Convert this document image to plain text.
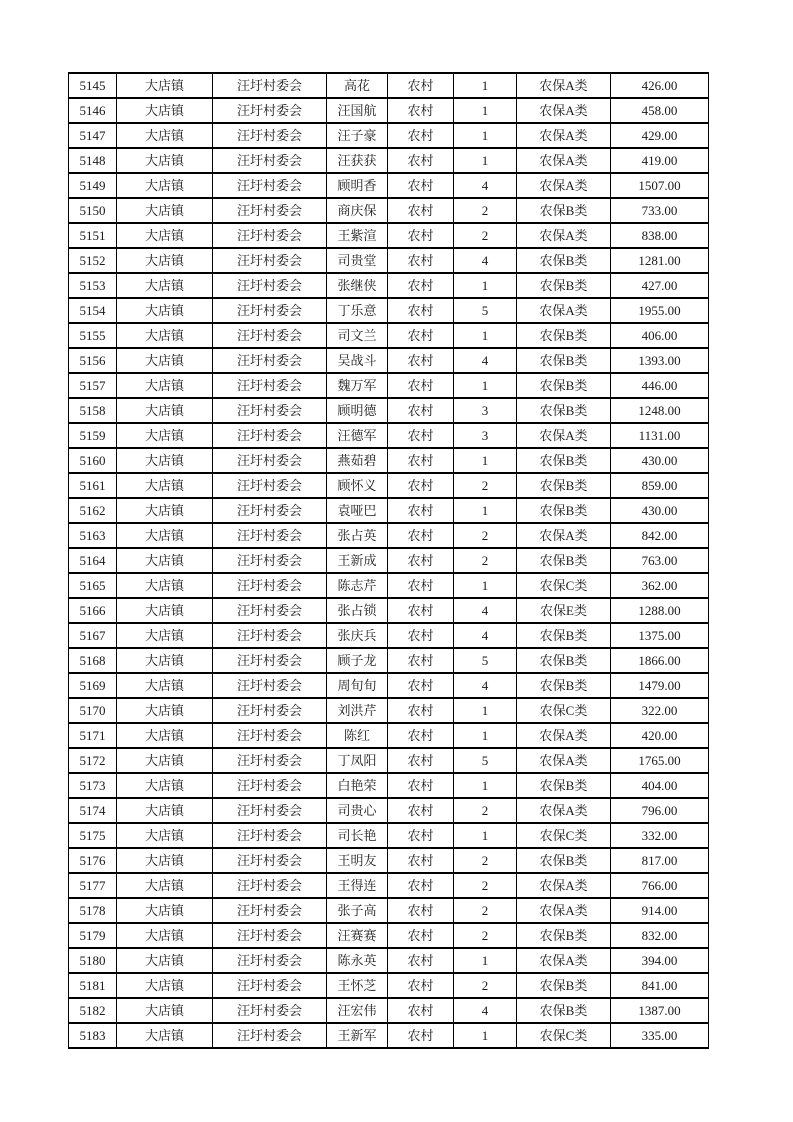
5145	大店镇	汪圩村委会	高花	农村	1	农保A类	426.00
5146	大店镇	汪圩村委会	汪国航	农村	1	农保A类	458.00
5147	大店镇	汪圩村委会	汪子豪	农村	1	农保A类	429.00
5148	大店镇	汪圩村委会	汪获获	农村	1	农保A类	419.00
5149	大店镇	汪圩村委会	顾明香	农村	4	农保A类	1507.00
5150	大店镇	汪圩村委会	商庆保	农村	2	农保B类	733.00
5151	大店镇	汪圩村委会	王紫渲	农村	2	农保A类	838.00
5152	大店镇	汪圩村委会	司贵堂	农村	4	农保B类	1281.00
5153	大店镇	汪圩村委会	张继侠	农村	1	农保B类	427.00
5154	大店镇	汪圩村委会	丁乐意	农村	5	农保A类	1955.00
5155	大店镇	汪圩村委会	司文兰	农村	1	农保B类	406.00
5156	大店镇	汪圩村委会	吴战斗	农村	4	农保B类	1393.00
5157	大店镇	汪圩村委会	魏万军	农村	1	农保B类	446.00
5158	大店镇	汪圩村委会	顾明德	农村	3	农保B类	1248.00
5159	大店镇	汪圩村委会	汪德军	农村	3	农保A类	1131.00
5160	大店镇	汪圩村委会	燕茹碧	农村	1	农保B类	430.00
5161	大店镇	汪圩村委会	顾怀义	农村	2	农保B类	859.00
5162	大店镇	汪圩村委会	袁哑巴	农村	1	农保B类	430.00
5163	大店镇	汪圩村委会	张占英	农村	2	农保A类	842.00
5164	大店镇	汪圩村委会	王新成	农村	2	农保B类	763.00
5165	大店镇	汪圩村委会	陈志芹	农村	1	农保C类	362.00
5166	大店镇	汪圩村委会	张占锁	农村	4	农保E类	1288.00
5167	大店镇	汪圩村委会	张庆兵	农村	4	农保B类	1375.00
5168	大店镇	汪圩村委会	顾子龙	农村	5	农保B类	1866.00
5169	大店镇	汪圩村委会	周旬旬	农村	4	农保B类	1479.00
5170	大店镇	汪圩村委会	刘洪芹	农村	1	农保C类	322.00
5171	大店镇	汪圩村委会	陈红	农村	1	农保A类	420.00
5172	大店镇	汪圩村委会	丁凤阳	农村	5	农保A类	1765.00
5173	大店镇	汪圩村委会	白艳荣	农村	1	农保B类	404.00
5174	大店镇	汪圩村委会	司贵心	农村	2	农保A类	796.00
5175	大店镇	汪圩村委会	司长艳	农村	1	农保C类	332.00
5176	大店镇	汪圩村委会	王明友	农村	2	农保B类	817.00
5177	大店镇	汪圩村委会	王得连	农村	2	农保A类	766.00
5178	大店镇	汪圩村委会	张子高	农村	2	农保A类	914.00
5179	大店镇	汪圩村委会	汪赛赛	农村	2	农保B类	832.00
5180	大店镇	汪圩村委会	陈永英	农村	1	农保A类	394.00
5181	大店镇	汪圩村委会	王怀芝	农村	2	农保B类	841.00
5182	大店镇	汪圩村委会	汪宏伟	农村	4	农保B类	1387.00
5183	大店镇	汪圩村委会	王新军	农村	1	农保C类	335.00
